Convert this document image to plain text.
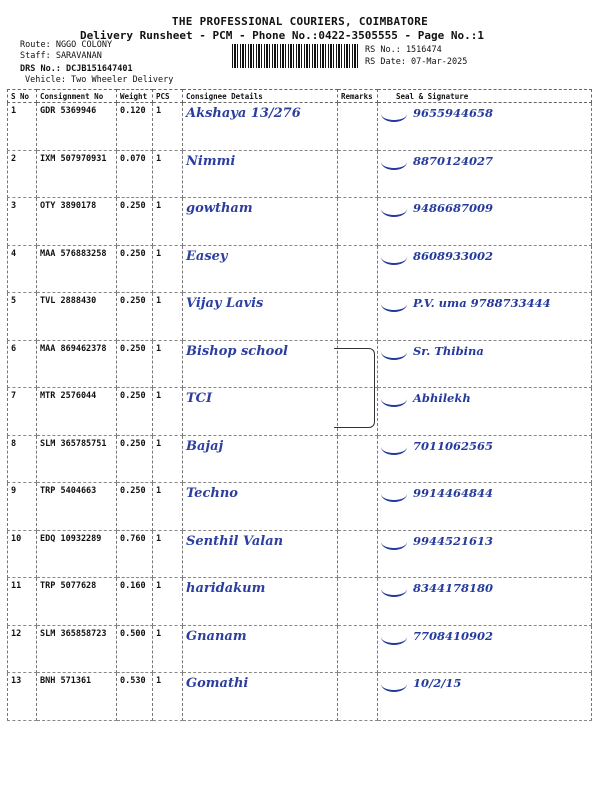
THE PROFESSIONAL COURIERS, COIMBATORE
Delivery Runsheet - PCM - Phone No.:0422-3505555 - Page No.:1
Route: NGGO COLONY
Staff: SARAVANAN
DRS No.: DCJB151647401
Vehicle: Two Wheeler Delivery
RS No.: 1516474
RS Date: 07-Mar-2025
S No	Consignment No	Weight	PCS	Consignee Details	Remarks	Seal & Signature
1	GDR 5369946	0.120	1	Akshaya 13/276		9655944658
2	IXM 507970931	0.070	1	Nimmi		8870124027
3	OTY 3890178	0.250	1	gowtham		9486687009
4	MAA 576883258	0.250	1	Easey		8608933002
5	TVL 2888430	0.250	1	Vijay Lavis		P.V. uma 9788733444
6	MAA 869462378	0.250	1	Bishop school		Sr. Thibina
7	MTR 2576044	0.250	1	TCI		Abhilekh
8	SLM 365785751	0.250	1	Bajaj		7011062565
9	TRP 5404663	0.250	1	Techno		9914464844
10	EDQ 10932289	0.760	1	Senthil Valan		9944521613
11	TRP 5077628	0.160	1	haridakum		8344178180
12	SLM 365858723	0.500	1	Gnanam		7708410902
13	BNH 571361	0.530	1	Gomathi		10/2/15
